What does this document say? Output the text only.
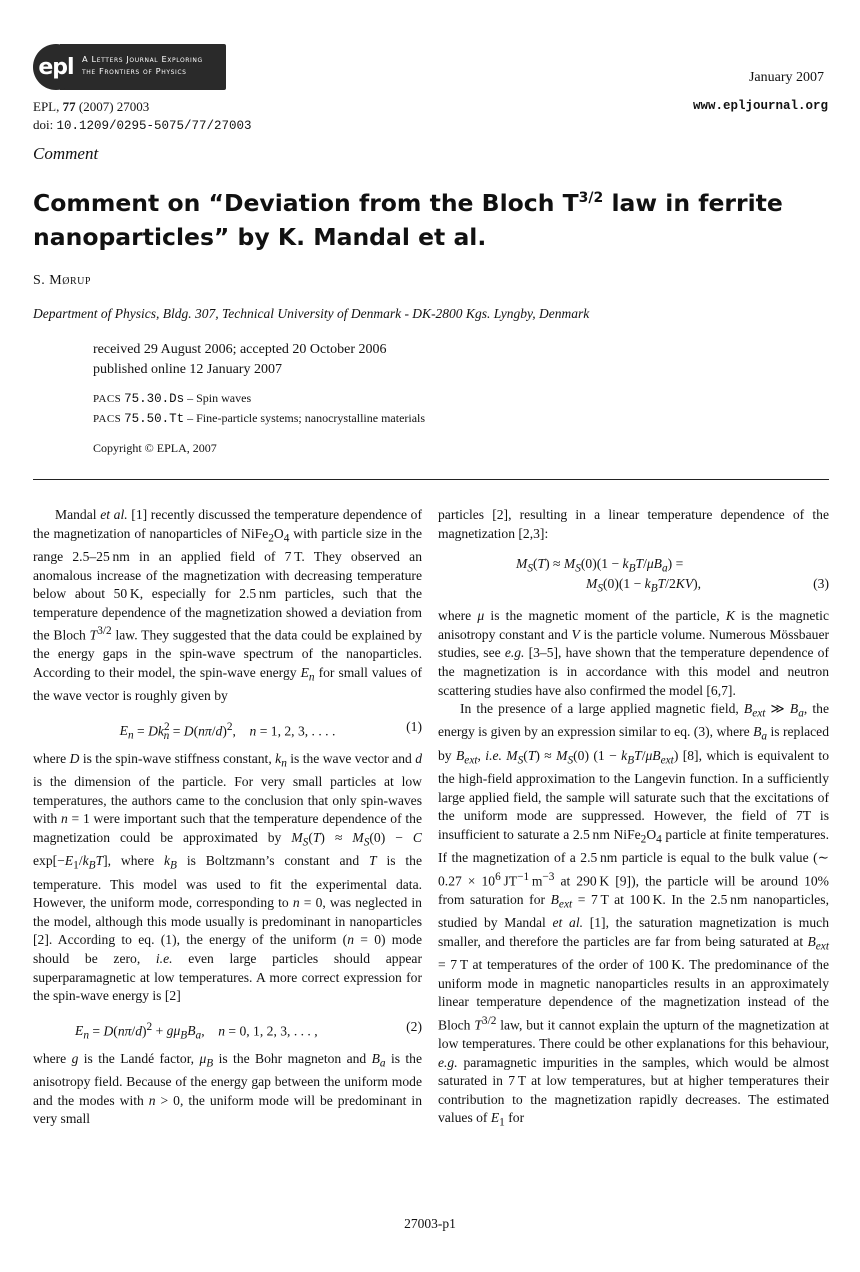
epl A Letters Journal Exploring
the Frontiers of Physics	January 2007
EPL, 77 (2007) 27003
doi: 10.1209/0295-5075/77/27003
www.epljournal.org
Comment
Comment on “Deviation from the Bloch $T^{3/2}$ law in ferrite nanoparticles” by K. Mandal et al.
S. Mørup
Department of Physics, Bldg. 307, Technical University of Denmark - DK-2800 Kgs. Lyngby, Denmark
received 29 August 2006; accepted 20 October 2006
published online 12 January 2007
PACS 75.30.Ds – Spin waves
PACS 75.50.Tt – Fine-particle systems; nanocrystalline materials
Copyright © EPLA, 2007

Mandal et al. [1] recently discussed the temperature dependence of the magnetization of nanoparticles of $NiFe_2O_4$ with particle size in the range 2.5–25 nm in an applied field of 7 T. They observed an anomalous increase of the magnetization with decreasing temperature below about 50 K, especially for 2.5 nm particles, such that the temperature dependence of the magnetization showed a deviation from the Bloch $T^{3/2}$ law. They suggested that the data could be explained by the energy gaps in the spin-wave spectrum of the nanoparticles. According to their model, the spin-wave energy $E_n$ for small values of the wave vector is roughly given by

$E_n = Dk^2_n = D(n\pi/d)^2$,    n = 1, 2, 3, . . . .	(1)

where D is the spin-wave stiffness constant, $k_n$ is the wave vector and d is the dimension of the particle. For very small particles at low temperatures, the authors came to the conclusion that only spin-waves with n = 1 were important such that the temperature dependence of the magnetization could be approximated by $M_S(T) \approx M_S(0) - C$ $\exp[-E_1/k_BT]$, where $k_B$ is Boltzmann’s constant and T is the temperature. This model was used to fit the experimental data. However, the uniform mode, corresponding to n = 0, was neglected in the model, although this mode usually is predominant in nanoparticles [2]. According to eq. (1), the energy of the uniform (n = 0) mode should be zero, i.e. even large particles should appear superparamagnetic at low temperatures. A more correct expression for the spin-wave energy is [2]

$E_n = D(n\pi/d)^2 + g\mu_BB_a$,    n = 0, 1, 2, 3, . . . ,	(2)

where g is the Landé factor, $\mu_B$ is the Bohr magneton and $B_a$ is the anisotropy field. Because of the energy gap between the uniform mode and the modes with n > 0, the uniform mode will be predominant in very small

particles [2], resulting in a linear temperature dependence of the magnetization [2,3]:

$M_S(T) \approx M_S(0)(1 - k_BT/\mu B_a)$ =
$M_S(0)(1 - k_BT/2KV)$,	(3)

where μ is the magnetic moment of the particle, K is the magnetic anisotropy constant and V is the particle volume. Numerous Mössbauer studies, see e.g. [3–5], have shown that the temperature dependence of the magnetization is in accordance with this model and neutron scattering studies have also confirmed the model [6,7].

In the presence of a large applied magnetic field, $B_{ext}$ ≫ $B_a$, the energy is given by an expression similar to eq. (3), where $B_a$ is replaced by $B_{ext}$, i.e. $M_S(T) \approx M_S(0) (1 - k_BT/\mu B_{ext})$ [8], which is equivalent to the high-field approximation to the Langevin function. In a sufficiently large applied field, the sample will saturate such that the excitations of the uniform mode are suppressed. However, the field of 7T is insufficient to saturate a 2.5 nm $NiFe_2O_4$ particle at finite temperatures. If the magnetization of a 2.5 nm particle is equal to the bulk value (∼ $0.27 \times 10^6$ $JT^{-1}$ $m^{-3}$ at 290 K [9]), the particle will be around 10% from saturation for $B_{ext} = 7$ T at 100 K. In the 2.5 nm nanoparticles, studied by Mandal et al. [1], the saturation magnetization is much smaller, and therefore the particles are far from being saturated at $B_{ext} = 7$ T at temperatures of the order of 100 K. The predominance of the uniform mode in magnetic nanoparticles results in an approximately linear temperature dependence of the magnetization instead of the Bloch $T^{3/2}$ law, but it cannot explain the upturn of the magnetization at low temperatures. There could be other explanations for this behaviour, e.g. paramagnetic impurities in the samples, which would be almost saturated in 7 T at low temperatures, but at higher temperatures their contribution to the magnetization rapidly decreases. The estimated values of $E_1$ for

27003-p1
